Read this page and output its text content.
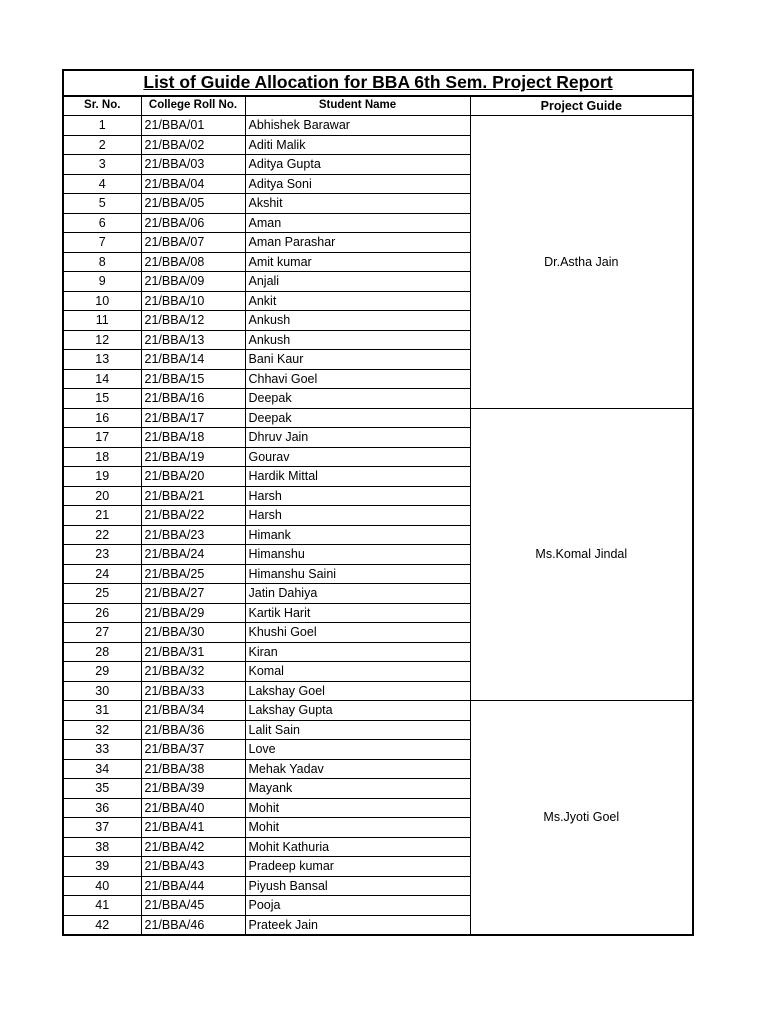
List of Guide Allocation for BBA 6th Sem. Project Report			
Sr. No.	College Roll No.	Student Name	Project Guide
1	21/BBA/01	Abhishek Barawar	Dr.Astha Jain
2	21/BBA/02	Aditi Malik	
3	21/BBA/03	Aditya Gupta	
4	21/BBA/04	Aditya Soni	
5	21/BBA/05	Akshit	
6	21/BBA/06	Aman	
7	21/BBA/07	Aman Parashar	
8	21/BBA/08	Amit kumar	
9	21/BBA/09	Anjali	
10	21/BBA/10	Ankit	
11	21/BBA/12	Ankush	
12	21/BBA/13	Ankush	
13	21/BBA/14	Bani Kaur	
14	21/BBA/15	Chhavi Goel	
15	21/BBA/16	Deepak	
16	21/BBA/17	Deepak	Ms.Komal Jindal
17	21/BBA/18	Dhruv Jain	
18	21/BBA/19	Gourav	
19	21/BBA/20	Hardik Mittal	
20	21/BBA/21	Harsh	
21	21/BBA/22	Harsh	
22	21/BBA/23	Himank	
23	21/BBA/24	Himanshu	
24	21/BBA/25	Himanshu Saini	
25	21/BBA/27	Jatin Dahiya	
26	21/BBA/29	Kartik Harit	
27	21/BBA/30	Khushi Goel	
28	21/BBA/31	Kiran	
29	21/BBA/32	Komal	
30	21/BBA/33	Lakshay Goel	
31	21/BBA/34	Lakshay Gupta	Ms.Jyoti Goel
32	21/BBA/36	Lalit Sain	
33	21/BBA/37	Love	
34	21/BBA/38	Mehak Yadav	
35	21/BBA/39	Mayank	
36	21/BBA/40	Mohit	
37	21/BBA/41	Mohit	
38	21/BBA/42	Mohit Kathuria	
39	21/BBA/43	Pradeep kumar	
40	21/BBA/44	Piyush Bansal	
41	21/BBA/45	Pooja	
42	21/BBA/46	Prateek Jain	
